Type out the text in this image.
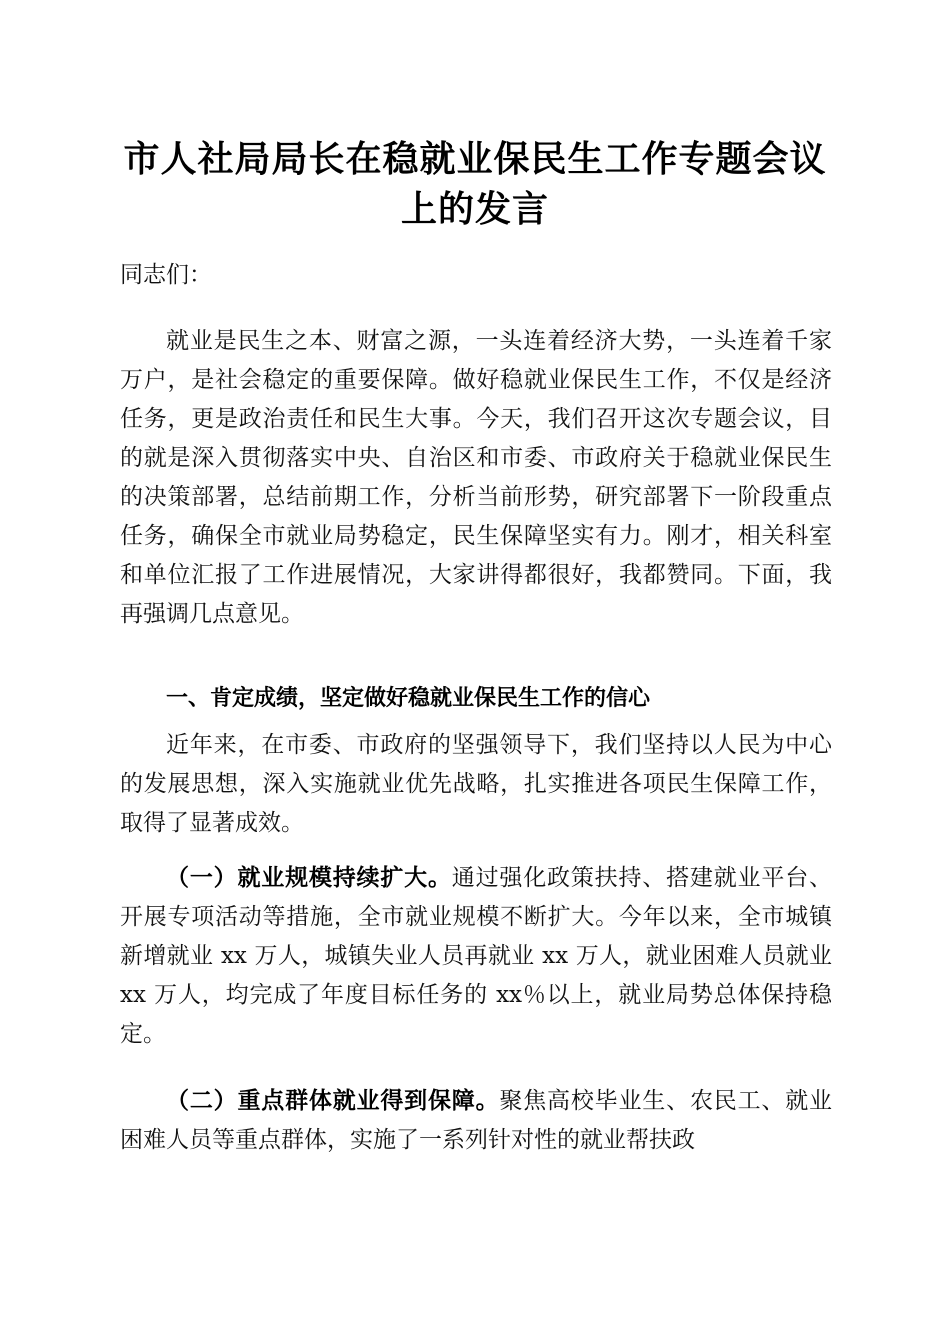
市人社局局长在稳就业保民生工作专题会议上的发言

同志们：

就业是民生之本、财富之源，一头连着经济大势，一头连着千家万户，是社会稳定的重要保障。做好稳就业保民生工作，不仅是经济任务，更是政治责任和民生大事。今天，我们召开这次专题会议，目的就是深入贯彻落实中央、自治区和市委、市政府关于稳就业保民生的决策部署，总结前期工作，分析当前形势，研究部署下一阶段重点任务，确保全市就业局势稳定，民生保障坚实有力。刚才，相关科室和单位汇报了工作进展情况，大家讲得都很好，我都赞同。下面，我再强调几点意见。

一、肯定成绩，坚定做好稳就业保民生工作的信心

近年来，在市委、市政府的坚强领导下，我们坚持以人民为中心的发展思想，深入实施就业优先战略，扎实推进各项民生保障工作，取得了显著成效。

（一）就业规模持续扩大。通过强化政策扶持、搭建就业平台、开展专项活动等措施，全市就业规模不断扩大。今年以来，全市城镇新增就业 xx 万人，城镇失业人员再就业 xx 万人，就业困难人员就业 xx 万人，均完成了年度目标任务的 xx％以上，就业局势总体保持稳定。

（二）重点群体就业得到保障。聚焦高校毕业生、农民工、就业困难人员等重点群体，实施了一系列针对性的就业帮扶政
